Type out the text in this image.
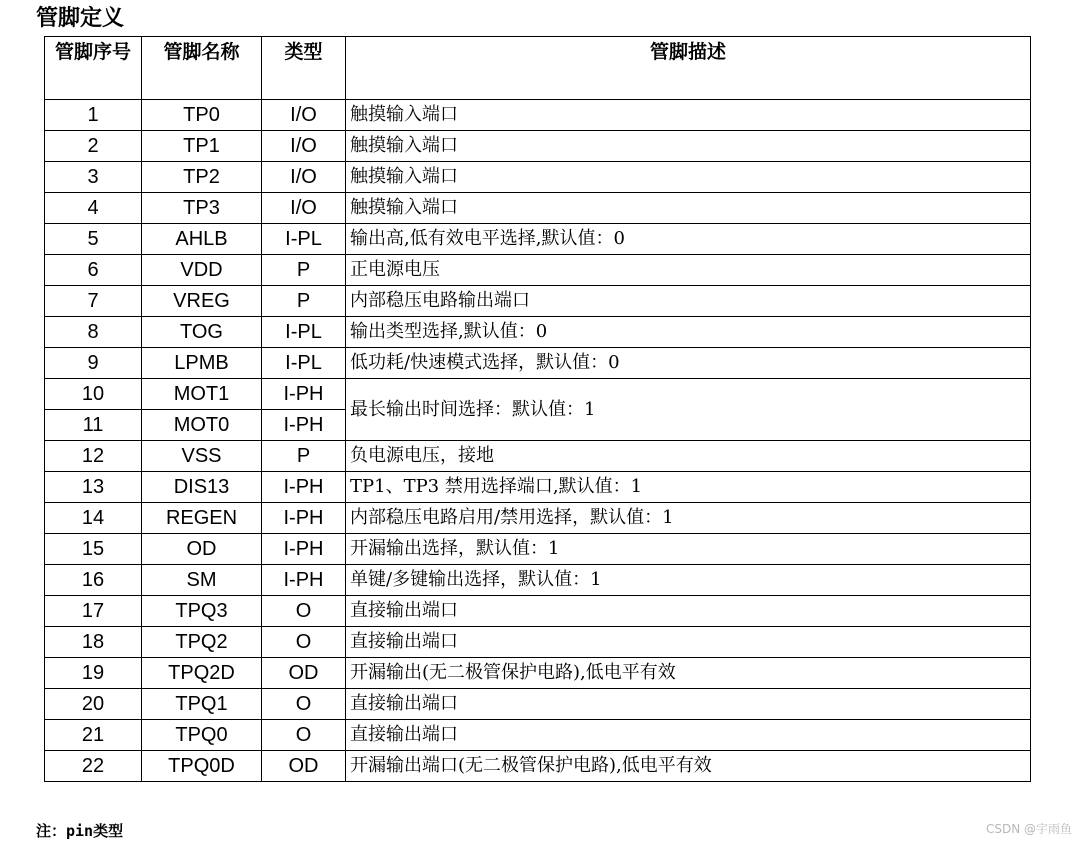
管脚定义
管脚序号	管脚名称	类型	管脚描述
1	TP0	I/O	触摸输入端口
2	TP1	I/O	触摸输入端口
3	TP2	I/O	触摸输入端口
4	TP3	I/O	触摸输入端口
5	AHLB	I-PL	输出高,低有效电平选择,默认值：0
6	VDD	P	正电源电压
7	VREG	P	内部稳压电路输出端口
8	TOG	I-PL	输出类型选择,默认值：0
9	LPMB	I-PL	低功耗/快速模式选择，默认值：0
10	MOT1	I-PH	最长输出时间选择：默认值：1
11	MOT0	I-PH	
12	VSS	P	负电源电压，接地
13	DIS13	I-PH	TP1、TP3 禁用选择端口,默认值：1
14	REGEN	I-PH	内部稳压电路启用/禁用选择，默认值：1
15	OD	I-PH	开漏输出选择，默认值：1
16	SM	I-PH	单键/多键输出选择，默认值：1
17	TPQ3	O	直接输出端口
18	TPQ2	O	直接输出端口
19	TPQ2D	OD	开漏输出(无二极管保护电路),低电平有效
20	TPQ1	O	直接输出端口
21	TPQ0	O	直接输出端口
22	TPQ0D	OD	开漏输出端口(无二极管保护电路),低电平有效
注：pin类型	CSDN @宇雨鱼
